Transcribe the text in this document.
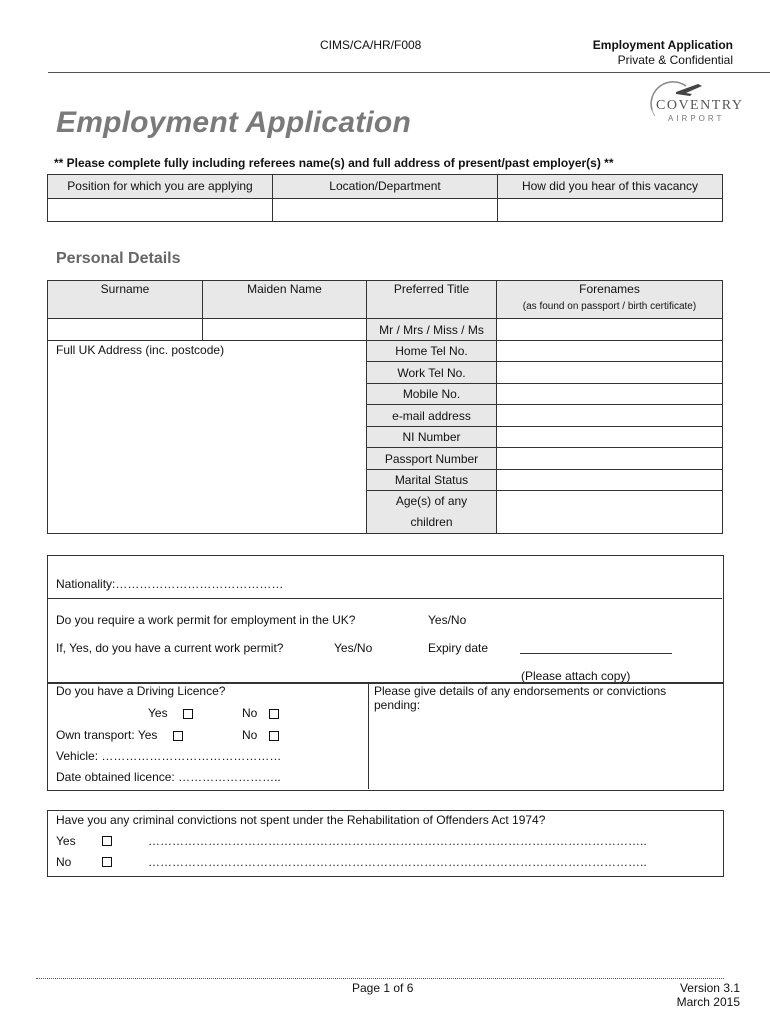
CIMS/CA/HR/F008	Employment Application
Private & Confidential
COVENTRY
AIRPORT
Employment Application
** Please complete fully including referees name(s) and full address of present/past employer(s) **
Position for which you are applying	Location/Department	How did you hear of this vacancy

Personal Details
Surname	Maiden Name	Preferred Title	Forenames
(as found on passport / birth certificate)

		Mr / Mrs / Miss / Ms	
Full UK Address (inc. postcode)		Home Tel No.	
		Work Tel No.	
		Mobile No.	
		e-mail address	
		NI Number	
		Passport Number	
		Marital Status	
		Age(s) of any
children	
Nationality:……………………………………
Do you require a work permit for employment in the UK?	Yes/No
If, Yes, do you have a current work permit?	Yes/No	Expiry date
(Please attach copy)
Do you have a Driving Licence?
Yes	No
Own transport: Yes	No
Vehicle: ………………………………………
Date obtained licence: ……………………..
Please give details of any endorsements or convictions pending:
Have you any criminal convictions not spent under the Rehabilitation of Offenders Act 1974?
Yes	……………………………………………………………………………………………………………..
No	……………………………………………………………………………………………………………..
Page 1 of 6	Version 3.1
March 2015
